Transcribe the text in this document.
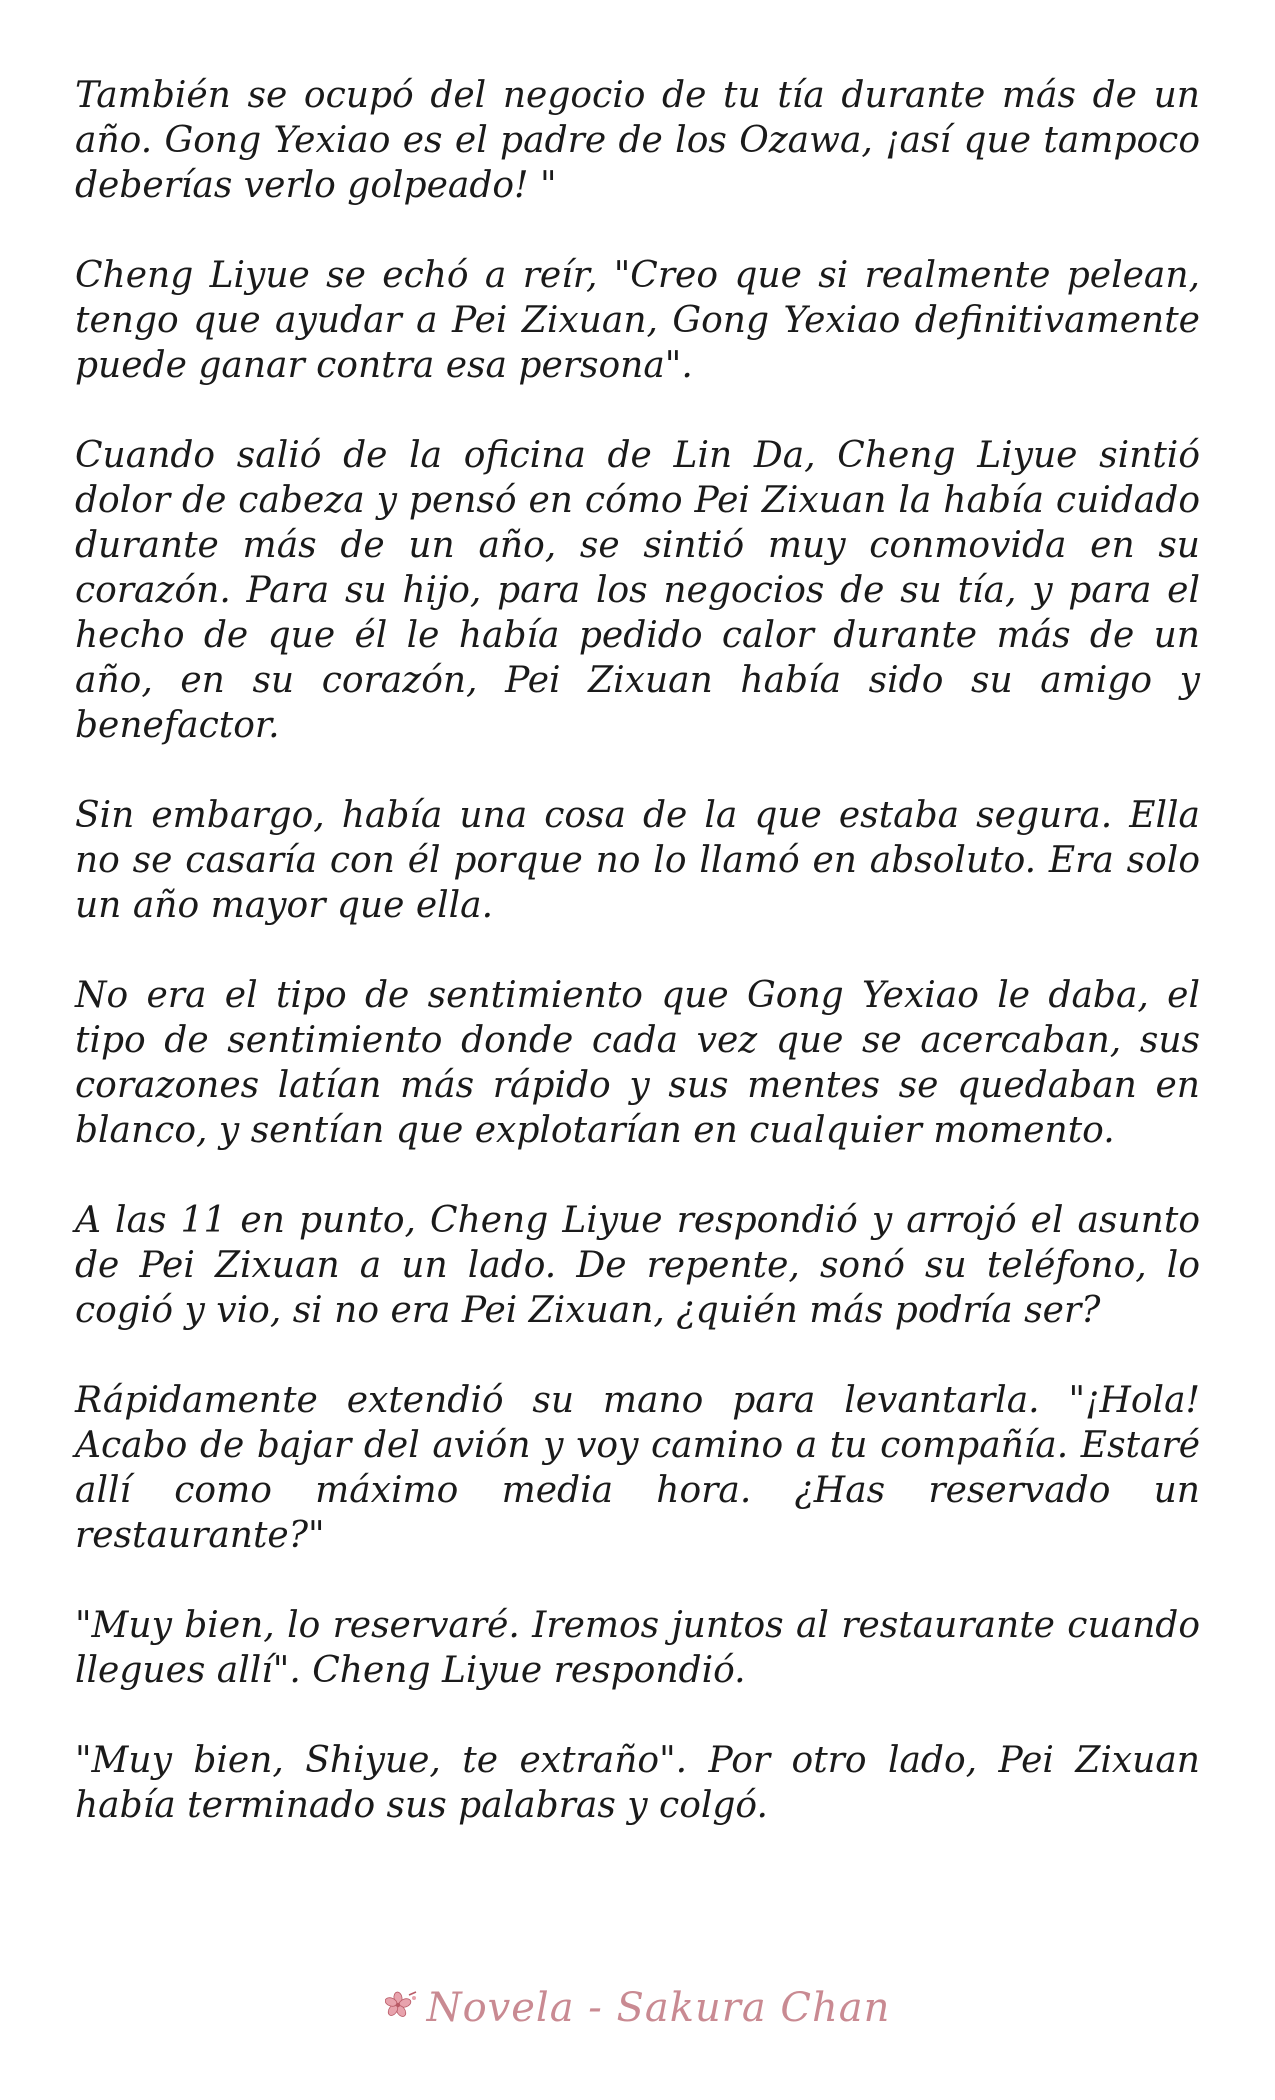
También se ocupó del negocio de tu tía durante más de un año. Gong Yexiao es el padre de los Ozawa, ¡así que tampoco deberías verlo golpeado! "

Cheng Liyue se echó a reír, "Creo que si realmente pelean, tengo que ayudar a Pei Zixuan, Gong Yexiao definitivamente puede ganar contra esa persona".

Cuando salió de la oficina de Lin Da, Cheng Liyue sintió dolor de cabeza y pensó en cómo Pei Zixuan la había cuidado durante más de un año, se sintió muy conmovida en su corazón. Para su hijo, para los negocios de su tía, y para el hecho de que él le había pedido calor durante más de un año, en su corazón, Pei Zixuan había sido su amigo y benefactor.

Sin embargo, había una cosa de la que estaba segura. Ella no se casaría con él porque no lo llamó en absoluto. Era solo un año mayor que ella.

No era el tipo de sentimiento que Gong Yexiao le daba, el tipo de sentimiento donde cada vez que se acercaban, sus corazones latían más rápido y sus mentes se quedaban en blanco, y sentían que explotarían en cualquier momento.

A las 11 en punto, Cheng Liyue respondió y arrojó el asunto de Pei Zixuan a un lado. De repente, sonó su teléfono, lo cogió y vio, si no era Pei Zixuan, ¿quién más podría ser?

Rápidamente extendió su mano para levantarla. "¡Hola! Acabo de bajar del avión y voy camino a tu compañía. Estaré allí como máximo media hora. ¿Has reservado un restaurante?"

"Muy bien, lo reservaré. Iremos juntos al restaurante cuando llegues allí". Cheng Liyue respondió.

"Muy bien, Shiyue, te extraño". Por otro lado, Pei Zixuan había terminado sus palabras y colgó.

Novela - Sakura Chan
